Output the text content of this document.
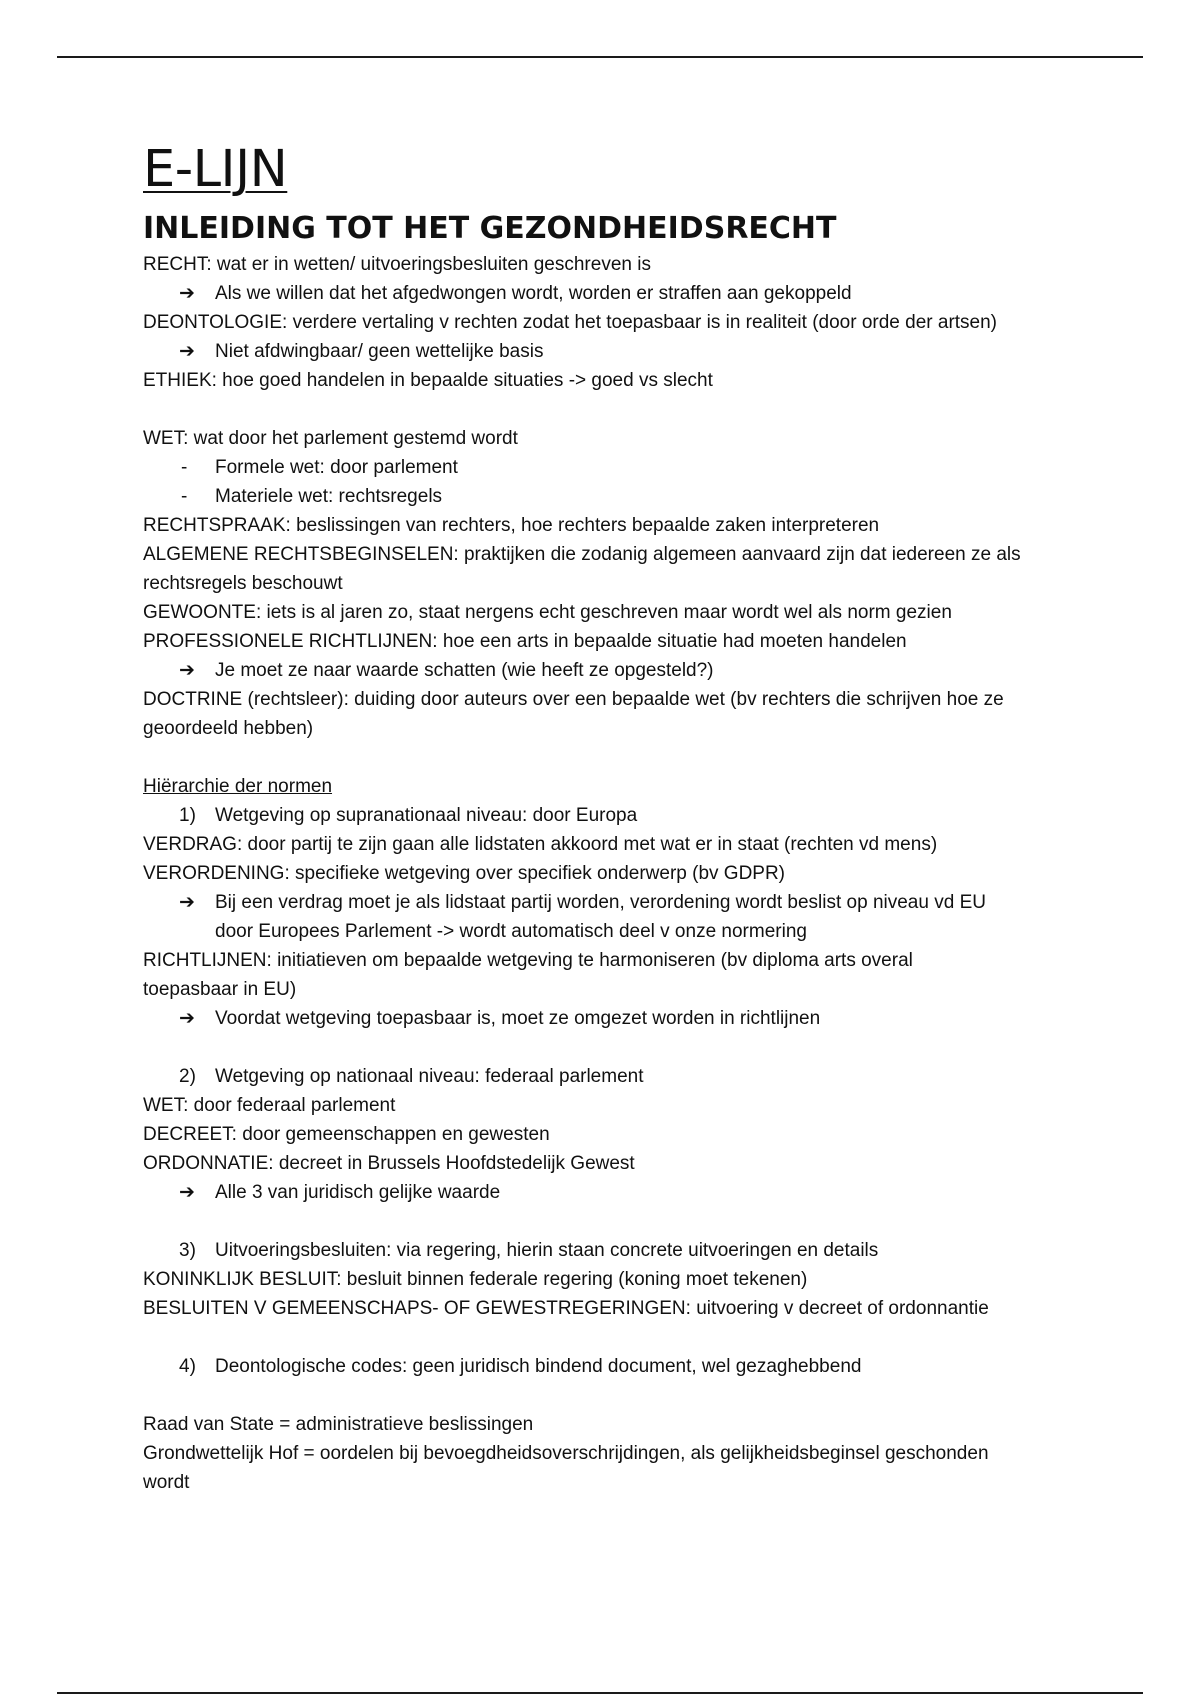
E-LIJN
INLEIDING TOT HET GEZONDHEIDSRECHT

RECHT: wat er in wetten/ uitvoeringsbesluiten geschreven is

➔ Als we willen dat het afgedwongen wordt, worden er straffen aan gekoppeld

DEONTOLOGIE: verdere vertaling v rechten zodat het toepasbaar is in realiteit (door orde der artsen)

➔ Niet afdwingbaar/ geen wettelijke basis

ETHIEK: hoe goed handelen in bepaalde situaties -> goed vs slecht

WET: wat door het parlement gestemd wordt

- Formele wet: door parlement

- Materiele wet: rechtsregels

RECHTSPRAAK: beslissingen van rechters, hoe rechters bepaalde zaken interpreteren

ALGEMENE RECHTSBEGINSELEN: praktijken die zodanig algemeen aanvaard zijn dat iedereen ze als

rechtsregels beschouwt

GEWOONTE: iets is al jaren zo, staat nergens echt geschreven maar wordt wel als norm gezien

PROFESSIONELE RICHTLIJNEN: hoe een arts in bepaalde situatie had moeten handelen

➔ Je moet ze naar waarde schatten (wie heeft ze opgesteld?)

DOCTRINE (rechtsleer): duiding door auteurs over een bepaalde wet (bv rechters die schrijven hoe ze

geoordeeld hebben)

Hiërarchie der normen

1) Wetgeving op supranationaal niveau: door Europa

VERDRAG: door partij te zijn gaan alle lidstaten akkoord met wat er in staat (rechten vd mens)

VERORDENING: specifieke wetgeving over specifiek onderwerp (bv GDPR)

➔ Bij een verdrag moet je als lidstaat partij worden, verordening wordt beslist op niveau vd EU

door Europees Parlement -> wordt automatisch deel v onze normering

RICHTLIJNEN: initiatieven om bepaalde wetgeving te harmoniseren (bv diploma arts overal

toepasbaar in EU)

➔ Voordat wetgeving toepasbaar is, moet ze omgezet worden in richtlijnen

2) Wetgeving op nationaal niveau: federaal parlement

WET: door federaal parlement

DECREET: door gemeenschappen en gewesten

ORDONNATIE: decreet in Brussels Hoofdstedelijk Gewest

➔ Alle 3 van juridisch gelijke waarde

3) Uitvoeringsbesluiten: via regering, hierin staan concrete uitvoeringen en details

KONINKLIJK BESLUIT: besluit binnen federale regering (koning moet tekenen)

BESLUITEN V GEMEENSCHAPS- OF GEWESTREGERINGEN: uitvoering v decreet of ordonnantie

4) Deontologische codes: geen juridisch bindend document, wel gezaghebbend

Raad van State = administratieve beslissingen

Grondwettelijk Hof = oordelen bij bevoegdheidsoverschrijdingen, als gelijkheidsbeginsel geschonden

wordt
